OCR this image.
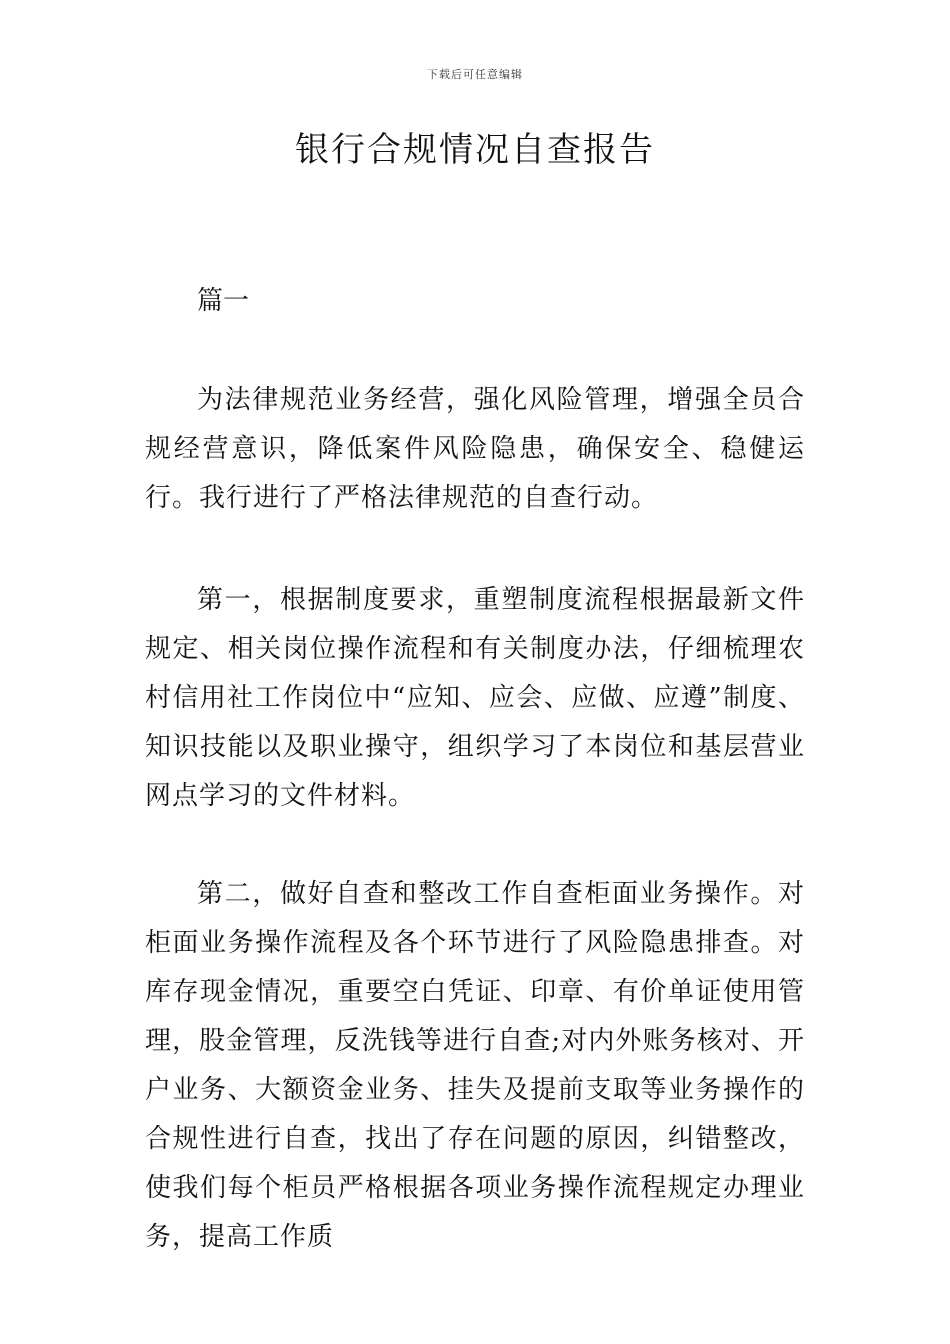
下载后可任意编辑
银行合规情况自查报告

篇一

为法律规范业务经营，强化风险管理，增强全员合规经营意识，降低案件风险隐患，确保安全、稳健运行。我行进行了严格法律规范的自查行动。

第一，根据制度要求，重塑制度流程根据最新文件规定、相关岗位操作流程和有关制度办法，仔细梳理农村信用社工作岗位中“应知、应会、应做、应遵”制度、知识技能以及职业操守，组织学习了本岗位和基层营业网点学习的文件材料。

第二，做好自查和整改工作自查柜面业务操作。对柜面业务操作流程及各个环节进行了风险隐患排查。对库存现金情况，重要空白凭证、印章、有价单证使用管理，股金管理，反洗钱等进行自查;对内外账务核对、开户业务、大额资金业务、挂失及提前支取等业务操作的合规性进行自查，找出了存在问题的原因，纠错整改，使我们每个柜员严格根据各项业务操作流程规定办理业务，提高工作质
